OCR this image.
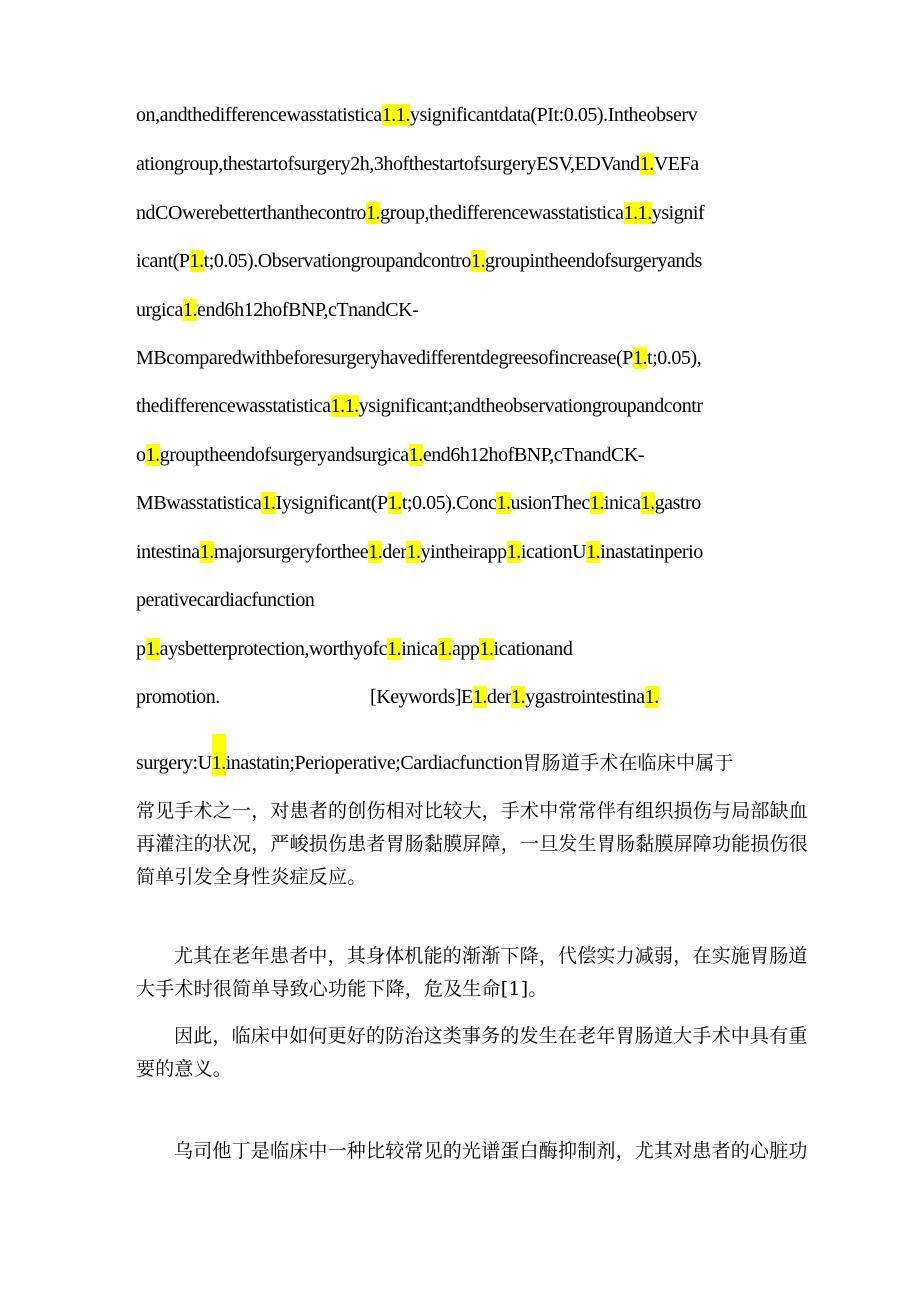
on,andthedifferencewasstatistica1.1.ysignificantdata(PIt:0.05).Intheobserv
ationgroup,thestartofsurgery2h,3hofthestartofsurgeryESV,EDVand1.VEFa
ndCOwerebetterthanthecontro1.group,thedifferencewasstatistica1.1.ysignif
icant(P1.t;0.05).Observationgroupandcontro1.groupintheendofsurgeryands
urgica1.end6h12hofBNP,cTnandCK-
MBcomparedwithbeforesurgeryhavedifferentdegreesofincrease(P1.t;0.05),
thedifferencewasstatistica1.1.ysignificant;andtheobservationgroupandcontr
o1.grouptheendofsurgeryandsurgica1.end6h12hofBNP,cTnandCK-
MBwasstatistica1.Iysignificant(P1.t;0.05).Conc1.usionThec1.inica1.gastro
intestina1.majorsurgeryforthee1.der1.yintheirapp1.icationU1.inastatinperio
perativecardiacfunction
p1.aysbetterprotection,worthyofc1.inica1.app1.icationand
promotion.	[Keywords]E1.der1.ygastrointestina1.
surgery:U1.inastatin;Perioperative;Cardiacfunction胃肠道手术在临床中属于
常见手术之一，对患者的创伤相对比较大，手术中常常伴有组织损伤与局部缺血
再灌注的状况，严峻损伤患者胃肠黏膜屏障，一旦发生胃肠黏膜屏障功能损伤很
简单引发全身性炎症反应。
尤其在老年患者中，其身体机能的渐渐下降，代偿实力减弱，在实施胃肠道
大手术时很简单导致心功能下降，危及生命[1]。
因此，临床中如何更好的防治这类事务的发生在老年胃肠道大手术中具有重
要的意义。
乌司他丁是临床中一种比较常见的光谱蛋白酶抑制剂，尤其对患者的心脏功
